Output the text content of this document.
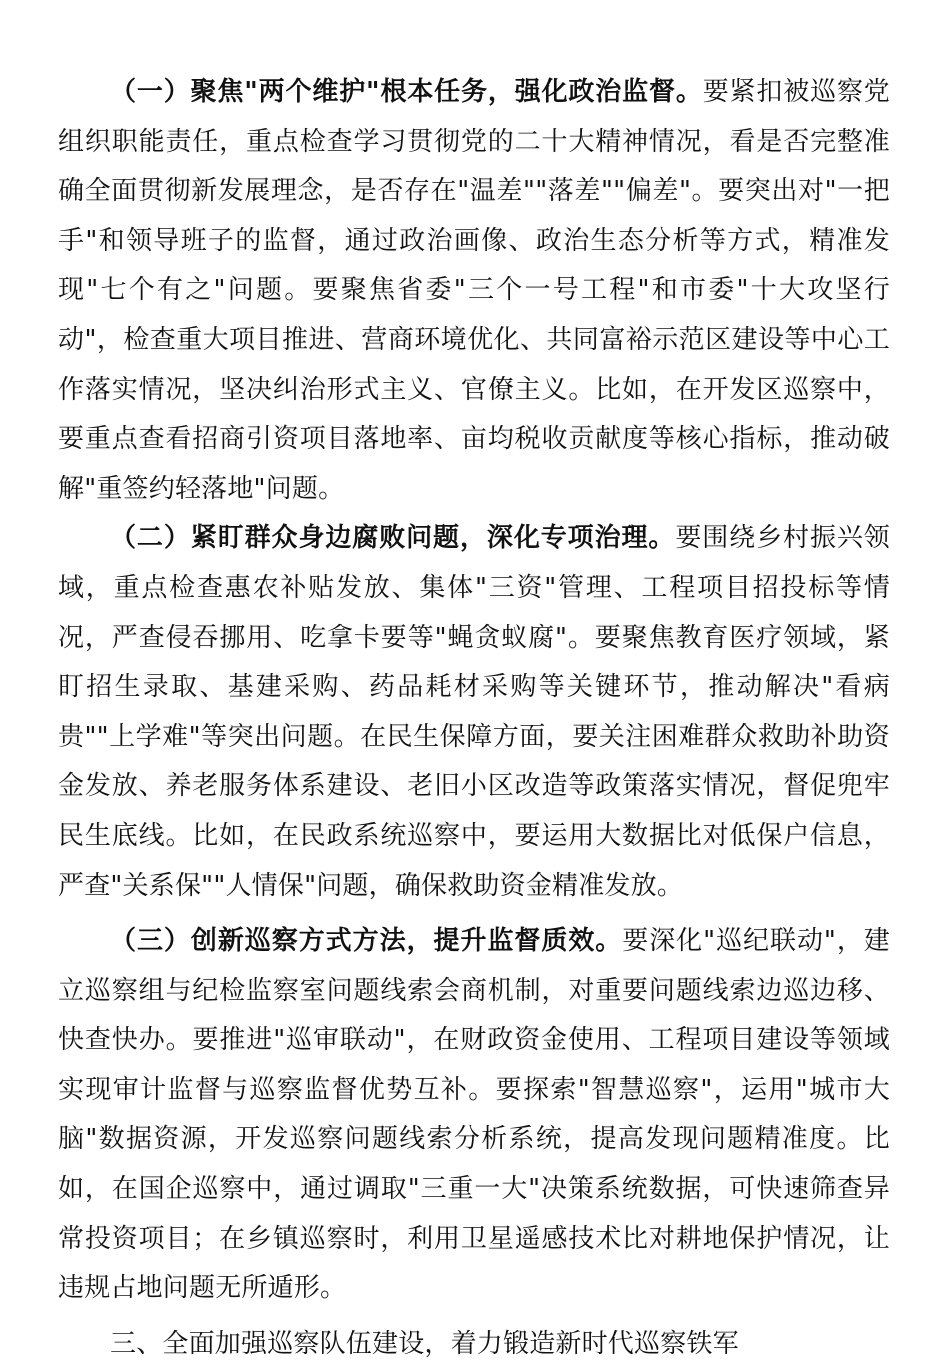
（一）聚焦"两个维护"根本任务，强化政治监督。要紧扣被巡察党组织职能责任，重点检查学习贯彻党的二十大精神情况，看是否完整准确全面贯彻新发展理念，是否存在"温差""落差""偏差"。要突出对"一把手"和领导班子的监督，通过政治画像、政治生态分析等方式，精准发现"七个有之"问题。要聚焦省委"三个一号工程"和市委"十大攻坚行动"，检查重大项目推进、营商环境优化、共同富裕示范区建设等中心工作落实情况，坚决纠治形式主义、官僚主义。比如，在开发区巡察中，要重点查看招商引资项目落地率、亩均税收贡献度等核心指标，推动破解"重签约轻落地"问题。

（二）紧盯群众身边腐败问题，深化专项治理。要围绕乡村振兴领域，重点检查惠农补贴发放、集体"三资"管理、工程项目招投标等情况，严查侵吞挪用、吃拿卡要等"蝇贪蚁腐"。要聚焦教育医疗领域，紧盯招生录取、基建采购、药品耗材采购等关键环节，推动解决"看病贵""上学难"等突出问题。在民生保障方面，要关注困难群众救助补助资金发放、养老服务体系建设、老旧小区改造等政策落实情况，督促兜牢民生底线。比如，在民政系统巡察中，要运用大数据比对低保户信息，严查"关系保""人情保"问题，确保救助资金精准发放。

（三）创新巡察方式方法，提升监督质效。要深化"巡纪联动"，建立巡察组与纪检监察室问题线索会商机制，对重要问题线索边巡边移、快查快办。要推进"巡审联动"，在财政资金使用、工程项目建设等领域实现审计监督与巡察监督优势互补。要探索"智慧巡察"，运用"城市大脑"数据资源，开发巡察问题线索分析系统，提高发现问题精准度。比如，在国企巡察中，通过调取"三重一大"决策系统数据，可快速筛查异常投资项目；在乡镇巡察时，利用卫星遥感技术比对耕地保护情况，让违规占地问题无所遁形。

三、全面加强巡察队伍建设，着力锻造新时代巡察铁军
